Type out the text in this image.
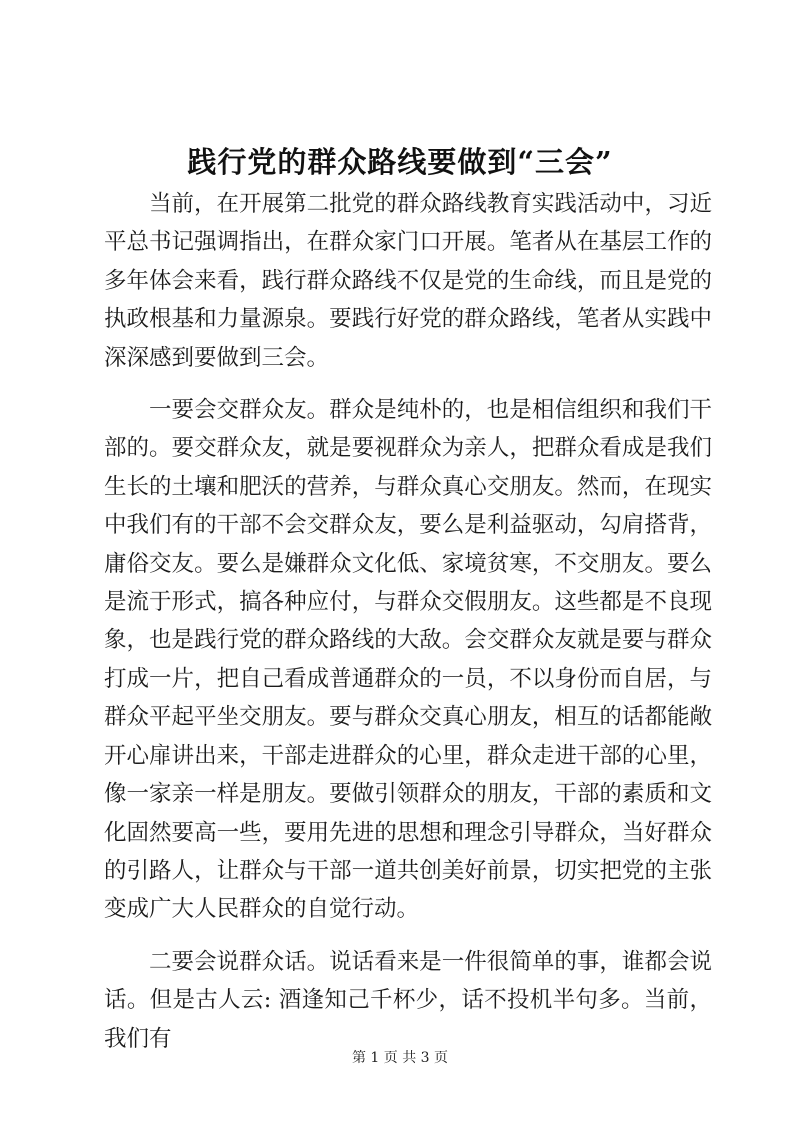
践行党的群众路线要做到“三会”

当前，在开展第二批党的群众路线教育实践活动中，习近平总书记强调指出，在群众家门口开展。笔者从在基层工作的多年体会来看，践行群众路线不仅是党的生命线，而且是党的执政根基和力量源泉。要践行好党的群众路线，笔者从实践中深深感到要做到三会。

一要会交群众友。群众是纯朴的，也是相信组织和我们干部的。要交群众友，就是要视群众为亲人，把群众看成是我们生长的土壤和肥沃的营养，与群众真心交朋友。然而，在现实中我们有的干部不会交群众友，要么是利益驱动，勾肩搭背，庸俗交友。要么是嫌群众文化低、家境贫寒，不交朋友。要么是流于形式，搞各种应付，与群众交假朋友。这些都是不良现象，也是践行党的群众路线的大敌。会交群众友就是要与群众打成一片，把自己看成普通群众的一员，不以身份而自居，与群众平起平坐交朋友。要与群众交真心朋友，相互的话都能敞开心扉讲出来，干部走进群众的心里，群众走进干部的心里，像一家亲一样是朋友。要做引领群众的朋友，干部的素质和文化固然要高一些，要用先进的思想和理念引导群众，当好群众的引路人，让群众与干部一道共创美好前景，切实把党的主张变成广大人民群众的自觉行动。

二要会说群众话。说话看来是一件很简单的事，谁都会说话。但是古人云: 酒逢知己千杯少，话不投机半句多。当前，我们有

第 1 页 共 3 页
